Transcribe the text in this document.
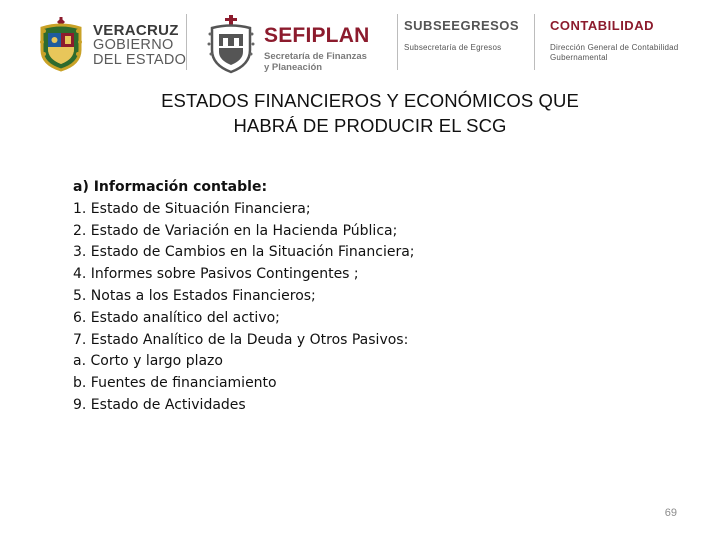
VERACRUZ
GOBIERNO
DEL ESTADO
SEFIPLAN
Secretaría de Finanzas
y Planeación
SUBSEEGRESOS
Subsecretaría de Egresos
CONTABILIDAD
Dirección General de Contabilidad
Gubernamental
ESTADOS FINANCIEROS Y ECONÓMICOS QUE
HABRÁ DE PRODUCIR EL SCG
a) Información contable:
1. Estado de Situación Financiera;
2. Estado de Variación en la Hacienda Pública;
3. Estado de Cambios en la Situación Financiera;
4. Informes sobre Pasivos Contingentes ;
5. Notas a los Estados Financieros;
6. Estado analítico del activo;
7. Estado Analítico de la Deuda y Otros Pasivos:
a. Corto y largo plazo
b. Fuentes de financiamiento
9. Estado de Actividades
69
